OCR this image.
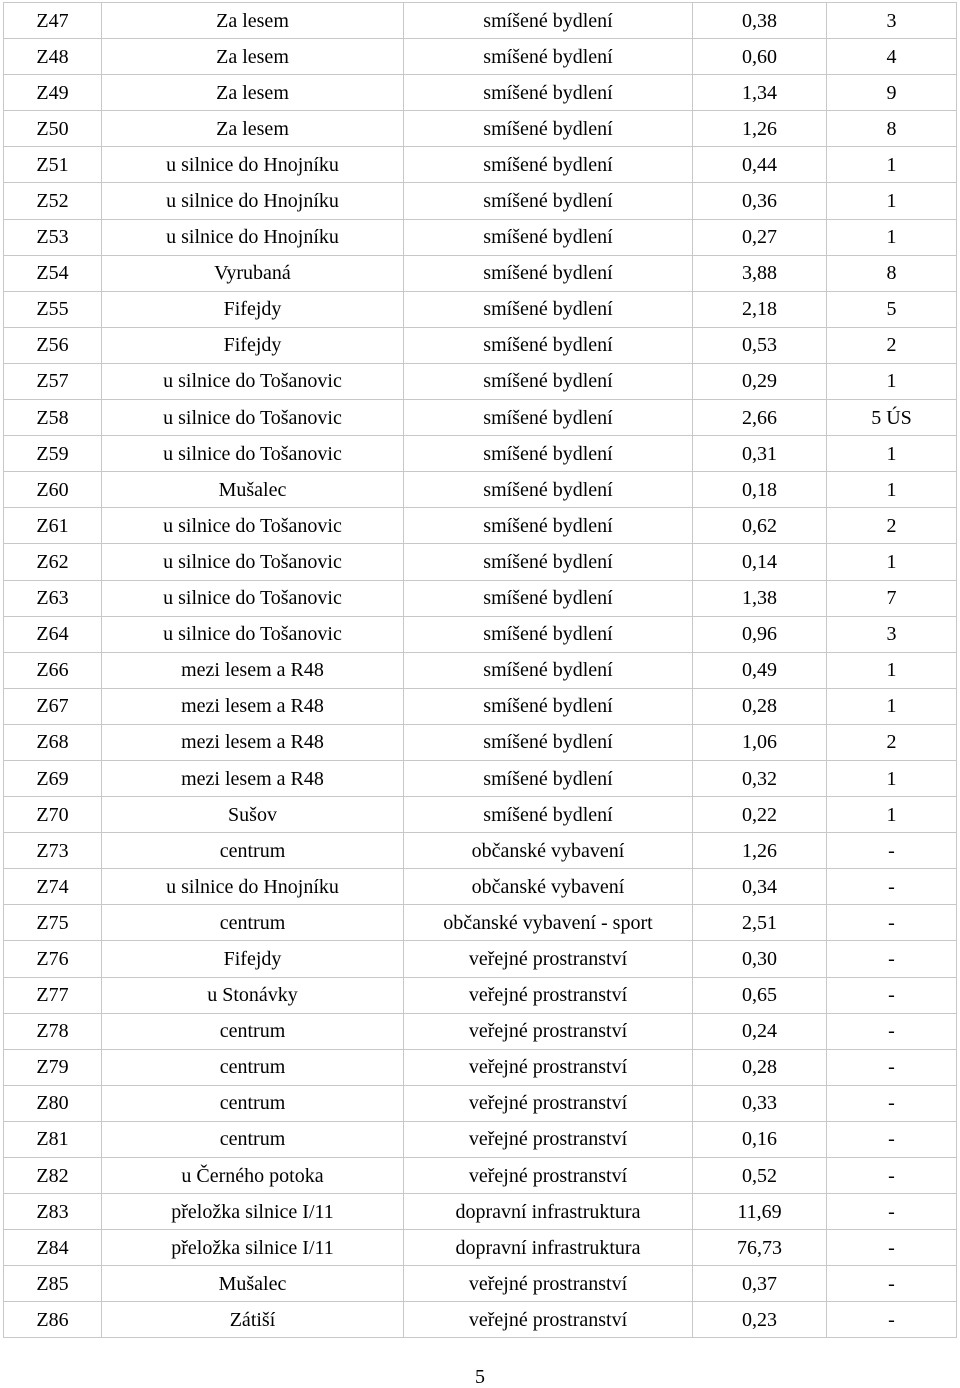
Z47	Za lesem	smíšené bydlení	0,38	3
Z48	Za lesem	smíšené bydlení	0,60	4
Z49	Za lesem	smíšené bydlení	1,34	9
Z50	Za lesem	smíšené bydlení	1,26	8
Z51	u silnice do Hnojníku	smíšené bydlení	0,44	1
Z52	u silnice do Hnojníku	smíšené bydlení	0,36	1
Z53	u silnice do Hnojníku	smíšené bydlení	0,27	1
Z54	Vyrubaná	smíšené bydlení	3,88	8
Z55	Fifejdy	smíšené bydlení	2,18	5
Z56	Fifejdy	smíšené bydlení	0,53	2
Z57	u silnice do Tošanovic	smíšené bydlení	0,29	1
Z58	u silnice do Tošanovic	smíšené bydlení	2,66	5 ÚS
Z59	u silnice do Tošanovic	smíšené bydlení	0,31	1
Z60	Mušalec	smíšené bydlení	0,18	1
Z61	u silnice do Tošanovic	smíšené bydlení	0,62	2
Z62	u silnice do Tošanovic	smíšené bydlení	0,14	1
Z63	u silnice do Tošanovic	smíšené bydlení	1,38	7
Z64	u silnice do Tošanovic	smíšené bydlení	0,96	3
Z66	mezi lesem a R48	smíšené bydlení	0,49	1
Z67	mezi lesem a R48	smíšené bydlení	0,28	1
Z68	mezi lesem a R48	smíšené bydlení	1,06	2
Z69	mezi lesem a R48	smíšené bydlení	0,32	1
Z70	Sušov	smíšené bydlení	0,22	1
Z73	centrum	občanské vybavení	1,26	-
Z74	u silnice do Hnojníku	občanské vybavení	0,34	-
Z75	centrum	občanské vybavení - sport	2,51	-
Z76	Fifejdy	veřejné prostranství	0,30	-
Z77	u Stonávky	veřejné prostranství	0,65	-
Z78	centrum	veřejné prostranství	0,24	-
Z79	centrum	veřejné prostranství	0,28	-
Z80	centrum	veřejné prostranství	0,33	-
Z81	centrum	veřejné prostranství	0,16	-
Z82	u Černého potoka	veřejné prostranství	0,52	-
Z83	přeložka silnice I/11	dopravní infrastruktura	11,69	-
Z84	přeložka silnice I/11	dopravní infrastruktura	76,73	-
Z85	Mušalec	veřejné prostranství	0,37	-
Z86	Zátiší	veřejné prostranství	0,23	-
5
